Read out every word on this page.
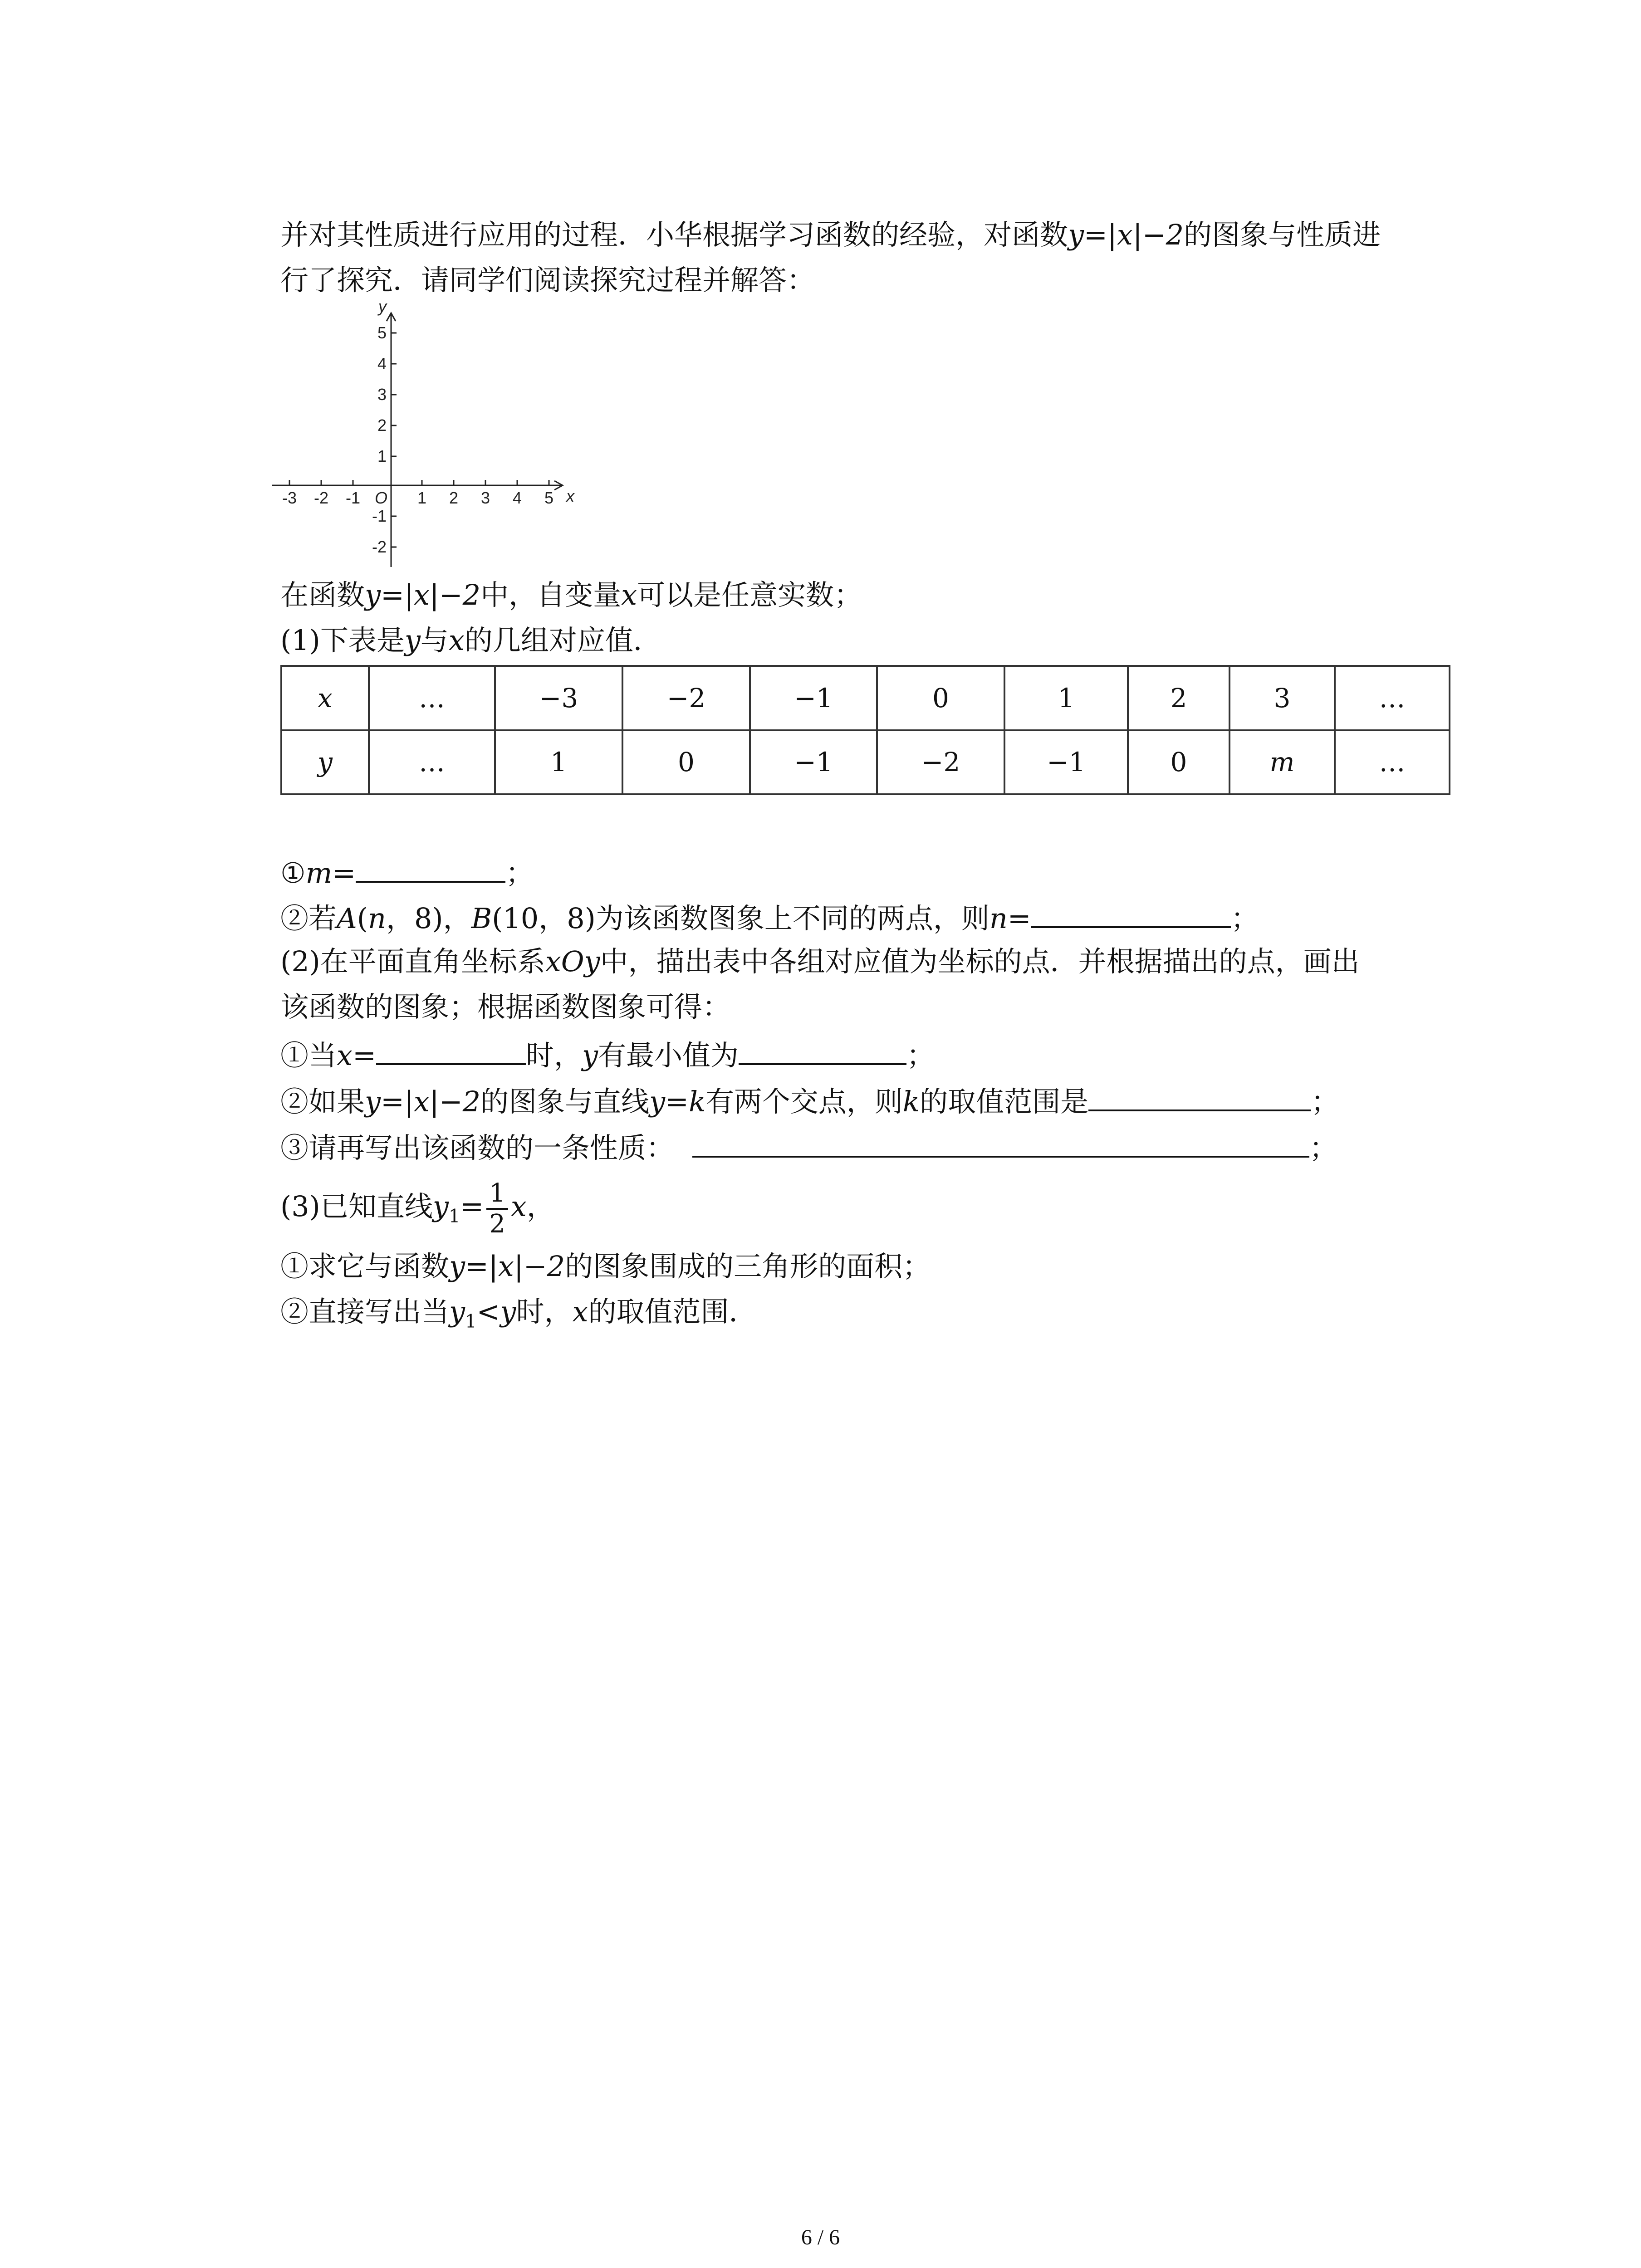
并对其性质进行应用的过程．小华根据学习函数的经验，对函数y=|x|−2的图象与性质进
行了探究．请同学们阅读探究过程并解答：
y
x
O
-3 -2 -1	1 2 3 4 5
5
4
3
2
1
-1
-2
在函数y=|x|−2中，自变量x可以是任意实数；
(1)下表是y与x的几组对应值．
x	…	−3	−2	−1	0	1	2	3	…
y	…	1	0	−1	−2	−1	0	m	…
①m=	；
②若A(n，8)，B(10，8)为该函数图象上不同的两点，则n=	；
(2)在平面直角坐标系xOy中，描出表中各组对应值为坐标的点．并根据描出的点，画出
该函数的图象；根据函数图象可得：
①当x=	时，y有最小值为	；
②如果y=|x|−2的图象与直线y=k有两个交点，则k的取值范围是	；
③请再写出该函数的一条性质：	；
(3)已知直线$y_1= \frac{1}{2}$ x，
①求它与函数y=|x|−2的图象围成的三角形的面积；
②直接写出当$y_1<y$时，x的取值范围．
6 / 6
